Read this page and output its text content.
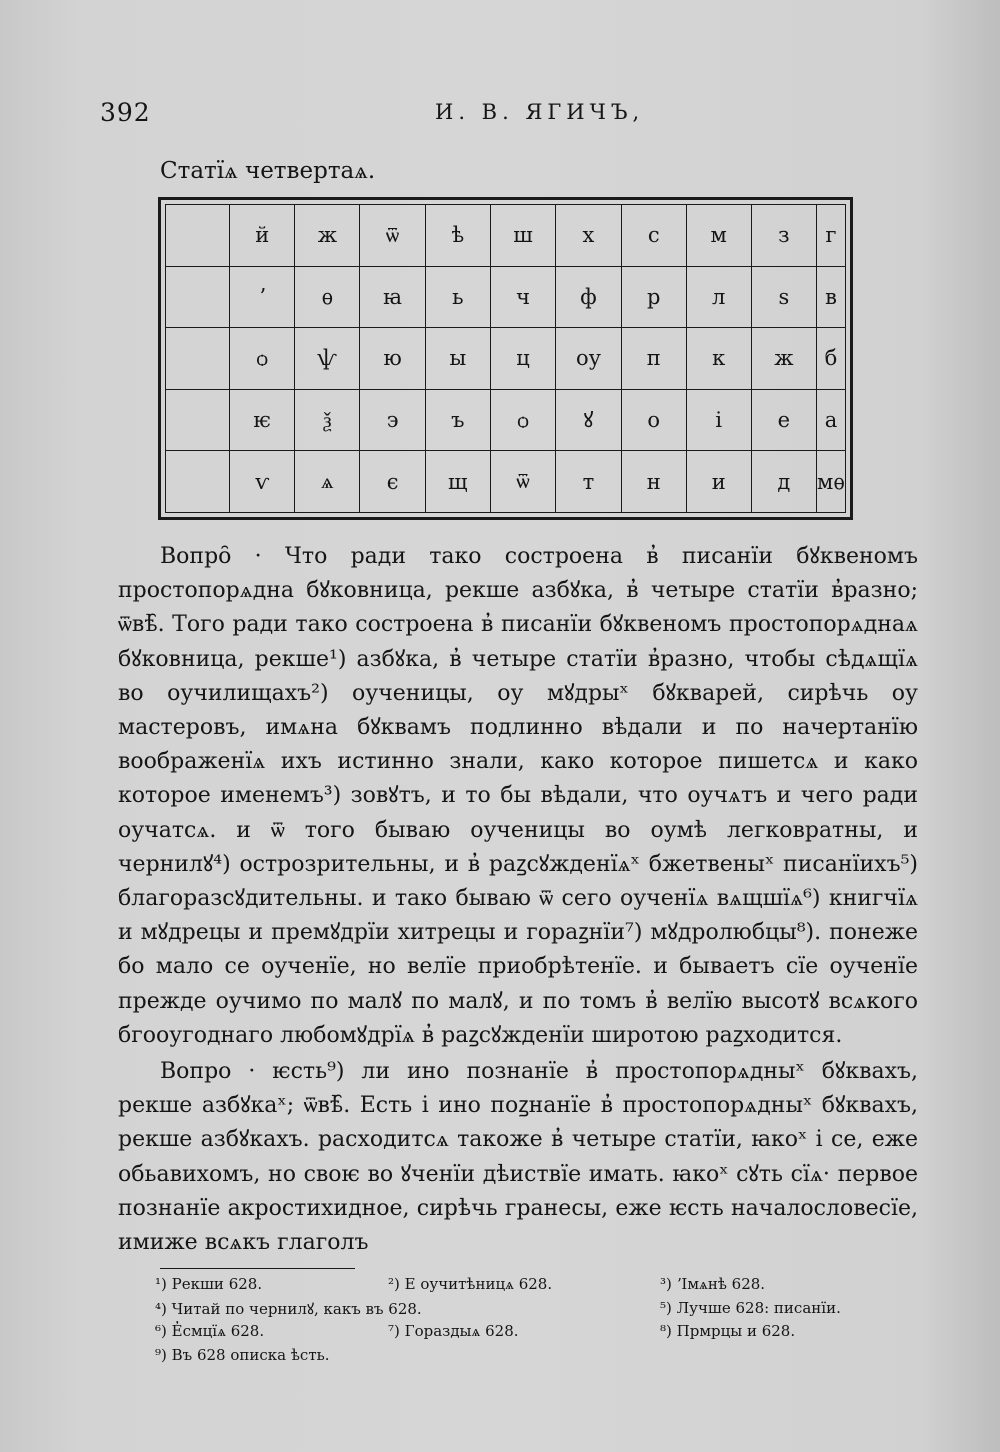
392	И. В. ЯГИЧЪ,
Статїѧ четвертаѧ.
	й	ж	ѿ	ѣ	ш	х	с	м	з	г
	ʼ	ѳ	ꙗ	ь	ч	ф	р	л	ѕ	в
	ѻ	ѱ	ю	ы	ц	оу	п	к	ж	б
	ѥ	ѯ	э	ъ	ѻ	ꙋ	о	і	е	а
	ѵ	ѧ	є	щ	ѿ	т	н	и	д	мѳ

Вопро̑ · Что ради тако состроена в̓ писанїи бꙋквеномъ простопорѧдна бꙋковница, рекше азбꙋка, в̓ четыре статїи в̓разно; ѿвѣ̑. Того ради тако состроена в̓ писанїи бꙋквеномъ простопорѧднаѧ бꙋковница, рекше¹) азбꙋка, в̓ четыре статїи в̓разно, чтобы сѣдѧщїѧ во оучилищахъ²) оученицы, оу мꙋдрыˣ бꙋкварей, сирѣчь оу мастеровъ, имѧна бꙋквамъ подлинно вѣдали и по начертанїю воображенїѧ ихъ истинно знали, како которое пишетсѧ и како которое именемъ³) зовꙋтъ, и то бы вѣдали, что оучѧтъ и чего ради оучатсѧ. и ѿ того бываю оученицы во оумѣ легковратны, и чернилꙋ⁴) острозрительны, и в̓ раꙁсꙋжденїѧˣ бжетвеныˣ писанїихъ⁵) благоразсꙋдительны. и тако бываю ѿ сего оученїѧ вѧщшїѧ⁶) книгчїѧ и мꙋдрецы и премꙋдрїи хитрецы и гораꙁнїи⁷) мꙋдролюбцы⁸). понеже бо мало се оученїе, но велїе приобрѣтенїе. и бываетъ сїе оученїе прежде оучимо по малꙋ по малꙋ, и по томъ в̓ велїю высотꙋ всѧкого бгооугоднаго любомꙋдрїѧ в̓ раꙁсꙋжденїи широтою раꙁходится.

Вопро · ѥсть⁹) ли ино познанїе в̓ простопорѧдныˣ бꙋквахъ, рекше азбꙋкаˣ; ѿвѣ̑. Есть і ино поꙁнанїе в̓ простопорѧдныˣ бꙋквахъ, рекше азбꙋкахъ. расходитсѧ такоже в̓ четыре статїи, ꙗкоˣ і се, еже обьавихомъ, но своѥ во ꙋченїи дѣиствїе имать. ꙗкоˣ сꙋть сїѧ· первое познанїе акростихидное, сирѣчь гранесы, еже ѥсть началословесїе, имиже всѧкъ глаголъ

¹) Рекши 628.	²) Е оучитѣницѧ 628.	³) ʼІмѧнѣ 628.
⁴) Читай по чернилꙋ, какъ въ 628.	⁵) Лучше 628: писанїи.
⁶) Е̓смцїѧ 628.	⁷) Гораздыѧ 628.	⁸) Прмрцы и 628.
⁹) Въ 628 описка ѣсть.
